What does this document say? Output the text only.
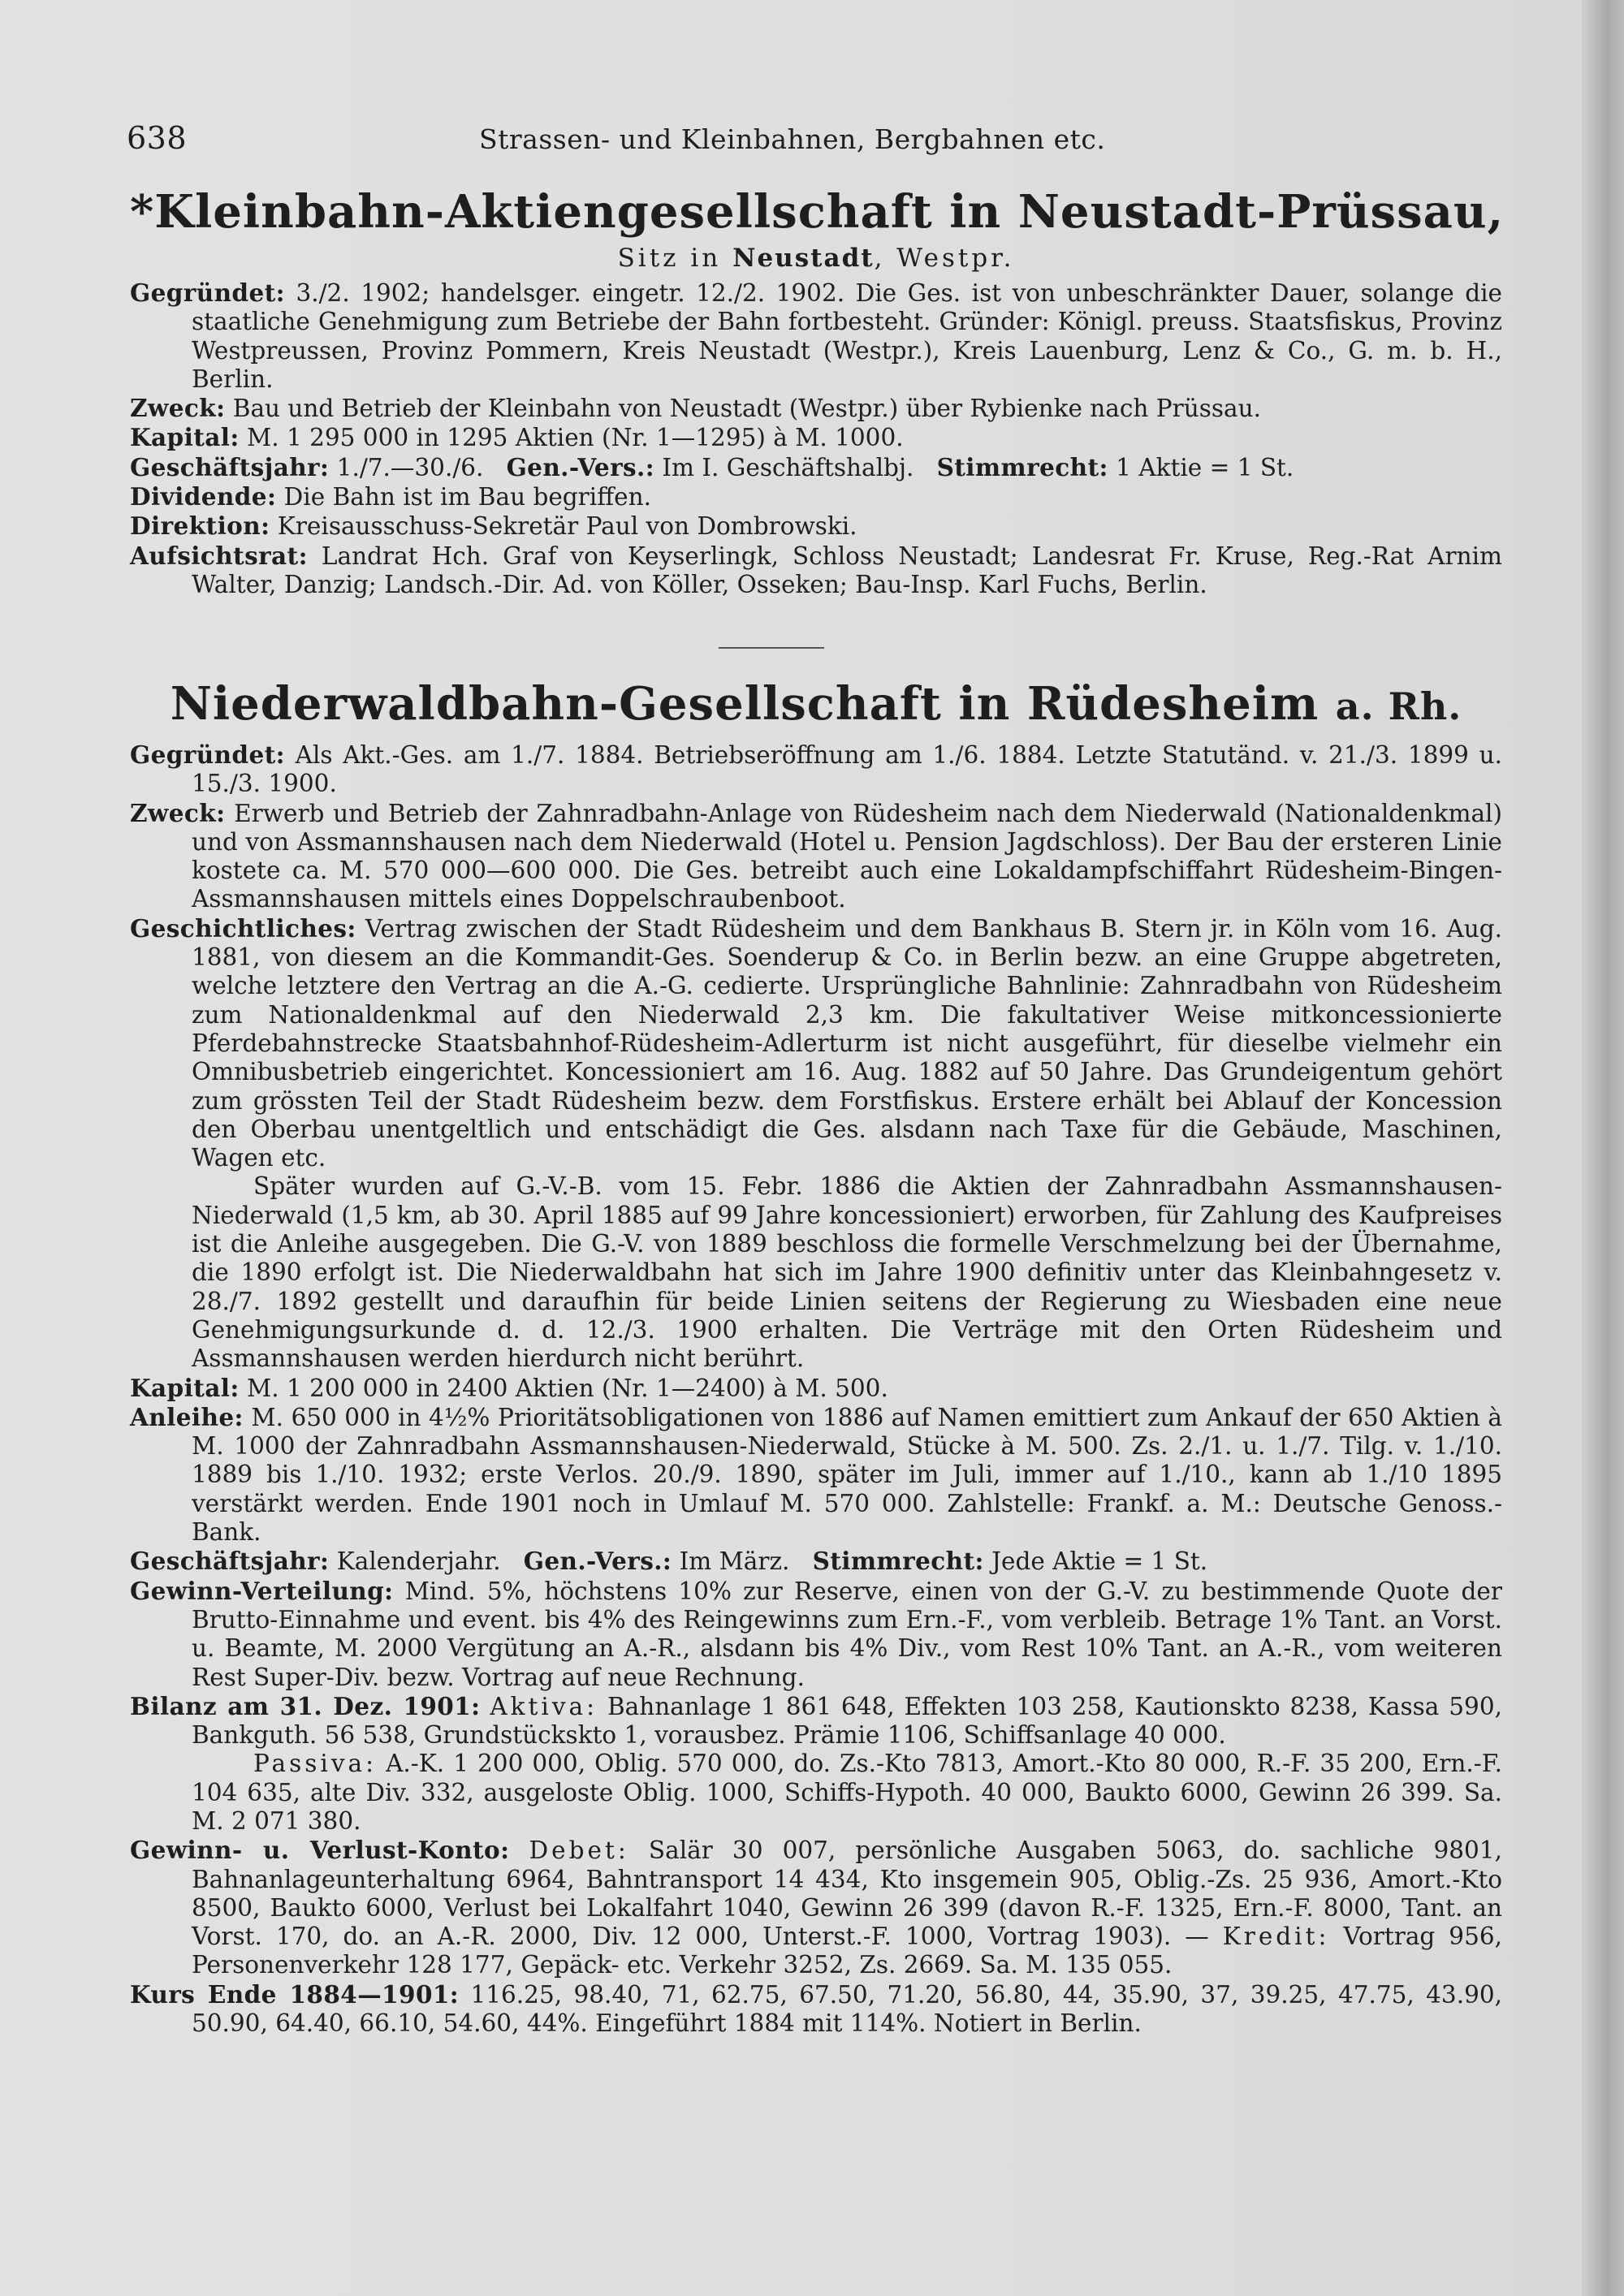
638	Strassen- und Kleinbahnen, Bergbahnen etc.
*Kleinbahn-Aktiengesellschaft in Neustadt-Prüssau,
Sitz in Neustadt, Westpr.

Gegründet: 3./2. 1902; handelsger. eingetr. 12./2. 1902. Die Ges. ist von unbeschränkter Dauer, solange die staatliche Genehmigung zum Betriebe der Bahn fortbesteht. Gründer: Königl. preuss. Staatsfiskus, Provinz Westpreussen, Provinz Pommern, Kreis Neustadt (Westpr.), Kreis Lauenburg, Lenz & Co., G. m. b. H., Berlin.

Zweck: Bau und Betrieb der Kleinbahn von Neustadt (Westpr.) über Rybienke nach Prüssau.

Kapital: M. 1 295 000 in 1295 Aktien (Nr. 1—1295) à M. 1000.

Geschäftsjahr: 1./7.—30./6. Gen.-Vers.: Im I. Geschäftshalbj. Stimmrecht: 1 Aktie = 1 St.

Dividende: Die Bahn ist im Bau begriffen.

Direktion: Kreisausschuss-Sekretär Paul von Dombrowski.

Aufsichtsrat: Landrat Hch. Graf von Keyserlingk, Schloss Neustadt; Landesrat Fr. Kruse, Reg.-Rat Arnim Walter, Danzig; Landsch.-Dir. Ad. von Köller, Osseken; Bau-Insp. Karl Fuchs, Berlin.

Niederwaldbahn-Gesellschaft in Rüdesheim a. Rh.

Gegründet: Als Akt.-Ges. am 1./7. 1884. Betriebseröffnung am 1./6. 1884. Letzte Statutänd. v. 21./3. 1899 u. 15./3. 1900.

Zweck: Erwerb und Betrieb der Zahnradbahn-Anlage von Rüdesheim nach dem Niederwald (Nationaldenkmal) und von Assmannshausen nach dem Niederwald (Hotel u. Pension Jagdschloss). Der Bau der ersteren Linie kostete ca. M. 570 000—600 000. Die Ges. betreibt auch eine Lokaldampfschiffahrt Rüdesheim-Bingen-Assmannshausen mittels eines Doppelschraubenboot.

Geschichtliches: Vertrag zwischen der Stadt Rüdesheim und dem Bankhaus B. Stern jr. in Köln vom 16. Aug. 1881, von diesem an die Kommandit-Ges. Soenderup & Co. in Berlin bezw. an eine Gruppe abgetreten, welche letztere den Vertrag an die A.-G. cedierte. Ursprüngliche Bahnlinie: Zahnradbahn von Rüdesheim zum Nationaldenkmal auf den Niederwald 2,3 km. Die fakultativer Weise mitkoncessionierte Pferdebahnstrecke Staatsbahnhof-Rüdesheim-Adlerturm ist nicht ausgeführt, für dieselbe vielmehr ein Omnibusbetrieb eingerichtet. Koncessioniert am 16. Aug. 1882 auf 50 Jahre. Das Grundeigentum gehört zum grössten Teil der Stadt Rüdesheim bezw. dem Forstfiskus. Erstere erhält bei Ablauf der Koncession den Oberbau unentgeltlich und entschädigt die Ges. alsdann nach Taxe für die Gebäude, Maschinen, Wagen etc.

Später wurden auf G.-V.-B. vom 15. Febr. 1886 die Aktien der Zahnradbahn Assmannshausen-Niederwald (1,5 km, ab 30. April 1885 auf 99 Jahre koncessioniert) erworben, für Zahlung des Kaufpreises ist die Anleihe ausgegeben. Die G.-V. von 1889 beschloss die formelle Verschmelzung bei der Übernahme, die 1890 erfolgt ist. Die Niederwaldbahn hat sich im Jahre 1900 definitiv unter das Kleinbahngesetz v. 28./7. 1892 gestellt und daraufhin für beide Linien seitens der Regierung zu Wiesbaden eine neue Genehmigungsurkunde d. d. 12./3. 1900 erhalten. Die Verträge mit den Orten Rüdesheim und Assmannshausen werden hierdurch nicht berührt.

Kapital: M. 1 200 000 in 2400 Aktien (Nr. 1—2400) à M. 500.

Anleihe: M. 650 000 in 4½% Prioritätsobligationen von 1886 auf Namen emittiert zum Ankauf der 650 Aktien à M. 1000 der Zahnradbahn Assmannshausen-Niederwald, Stücke à M. 500. Zs. 2./1. u. 1./7. Tilg. v. 1./10. 1889 bis 1./10. 1932; erste Verlos. 20./9. 1890, später im Juli, immer auf 1./10., kann ab 1./10 1895 verstärkt werden. Ende 1901 noch in Umlauf M. 570 000. Zahlstelle: Frankf. a. M.: Deutsche Genoss.-Bank.

Geschäftsjahr: Kalenderjahr. Gen.-Vers.: Im März. Stimmrecht: Jede Aktie = 1 St.

Gewinn-Verteilung: Mind. 5%, höchstens 10% zur Reserve, einen von der G.-V. zu bestimmende Quote der Brutto-Einnahme und event. bis 4% des Reingewinns zum Ern.-F., vom verbleib. Betrage 1% Tant. an Vorst. u. Beamte, M. 2000 Vergütung an A.-R., alsdann bis 4% Div., vom Rest 10% Tant. an A.-R., vom weiteren Rest Super-Div. bezw. Vortrag auf neue Rechnung.

Bilanz am 31. Dez. 1901: Aktiva: Bahnanlage 1 861 648, Effekten 103 258, Kautionskto 8238, Kassa 590, Bankguth. 56 538, Grundstückskto 1, vorausbez. Prämie 1106, Schiffsanlage 40 000.

Passiva: A.-K. 1 200 000, Oblig. 570 000, do. Zs.-Kto 7813, Amort.-Kto 80 000, R.-F. 35 200, Ern.-F. 104 635, alte Div. 332, ausgeloste Oblig. 1000, Schiffs-Hypoth. 40 000, Baukto 6000, Gewinn 26 399. Sa. M. 2 071 380.

Gewinn- u. Verlust-Konto: Debet: Salär 30 007, persönliche Ausgaben 5063, do. sachliche 9801, Bahnanlageunterhaltung 6964, Bahntransport 14 434, Kto insgemein 905, Oblig.-Zs. 25 936, Amort.-Kto 8500, Baukto 6000, Verlust bei Lokalfahrt 1040, Gewinn 26 399 (davon R.-F. 1325, Ern.-F. 8000, Tant. an Vorst. 170, do. an A.-R. 2000, Div. 12 000, Unterst.-F. 1000, Vortrag 1903). — Kredit: Vortrag 956, Personenverkehr 128 177, Gepäck- etc. Verkehr 3252, Zs. 2669. Sa. M. 135 055.

Kurs Ende 1884—1901: 116.25, 98.40, 71, 62.75, 67.50, 71.20, 56.80, 44, 35.90, 37, 39.25, 47.75, 43.90, 50.90, 64.40, 66.10, 54.60, 44%. Eingeführt 1884 mit 114%. Notiert in Berlin.
